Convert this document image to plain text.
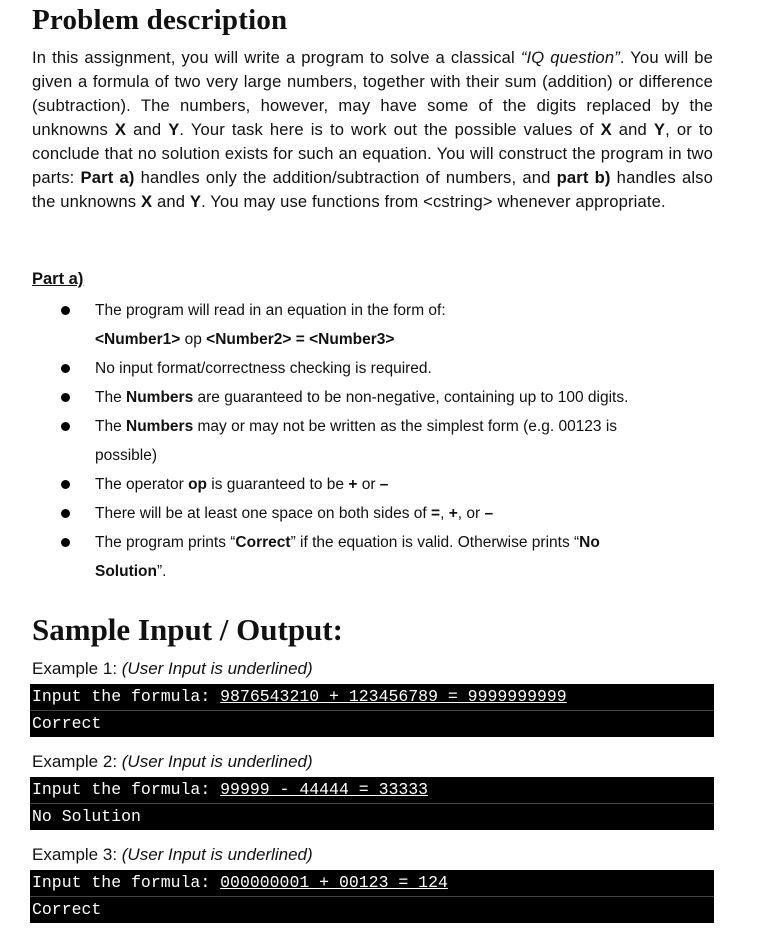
Problem description
In this assignment, you will write a program to solve a classical “IQ question”. You will be given a formula of two very large numbers, together with their sum (addition) or difference (subtraction). The numbers, however, may have some of the digits replaced by the unknowns X and Y. Your task here is to work out the possible values of X and Y, or to conclude that no solution exists for such an equation. You will construct the program in two parts: Part a) handles only the addition/subtraction of numbers, and part b) handles also the unknowns X and Y. You may use functions from <cstring> whenever appropriate.
Part a)
The program will read in an equation in the form of:
<Number1> op <Number2> = <Number3>
No input format/correctness checking is required.
The Numbers are guaranteed to be non-negative, containing up to 100 digits.
The Numbers may or may not be written as the simplest form (e.g. 00123 is
possible)
The operator op is guaranteed to be + or –
There will be at least one space on both sides of =, +, or –
The program prints “Correct” if the equation is valid. Otherwise prints “No
Solution”.
Sample Input / Output:
Example 1: (User Input is underlined)
Input the formula: 9876543210 + 123456789 = 9999999999
Correct
Example 2: (User Input is underlined)
Input the formula: 99999 - 44444 = 33333
No Solution
Example 3: (User Input is underlined)
Input the formula: 000000001 + 00123 = 124
Correct
